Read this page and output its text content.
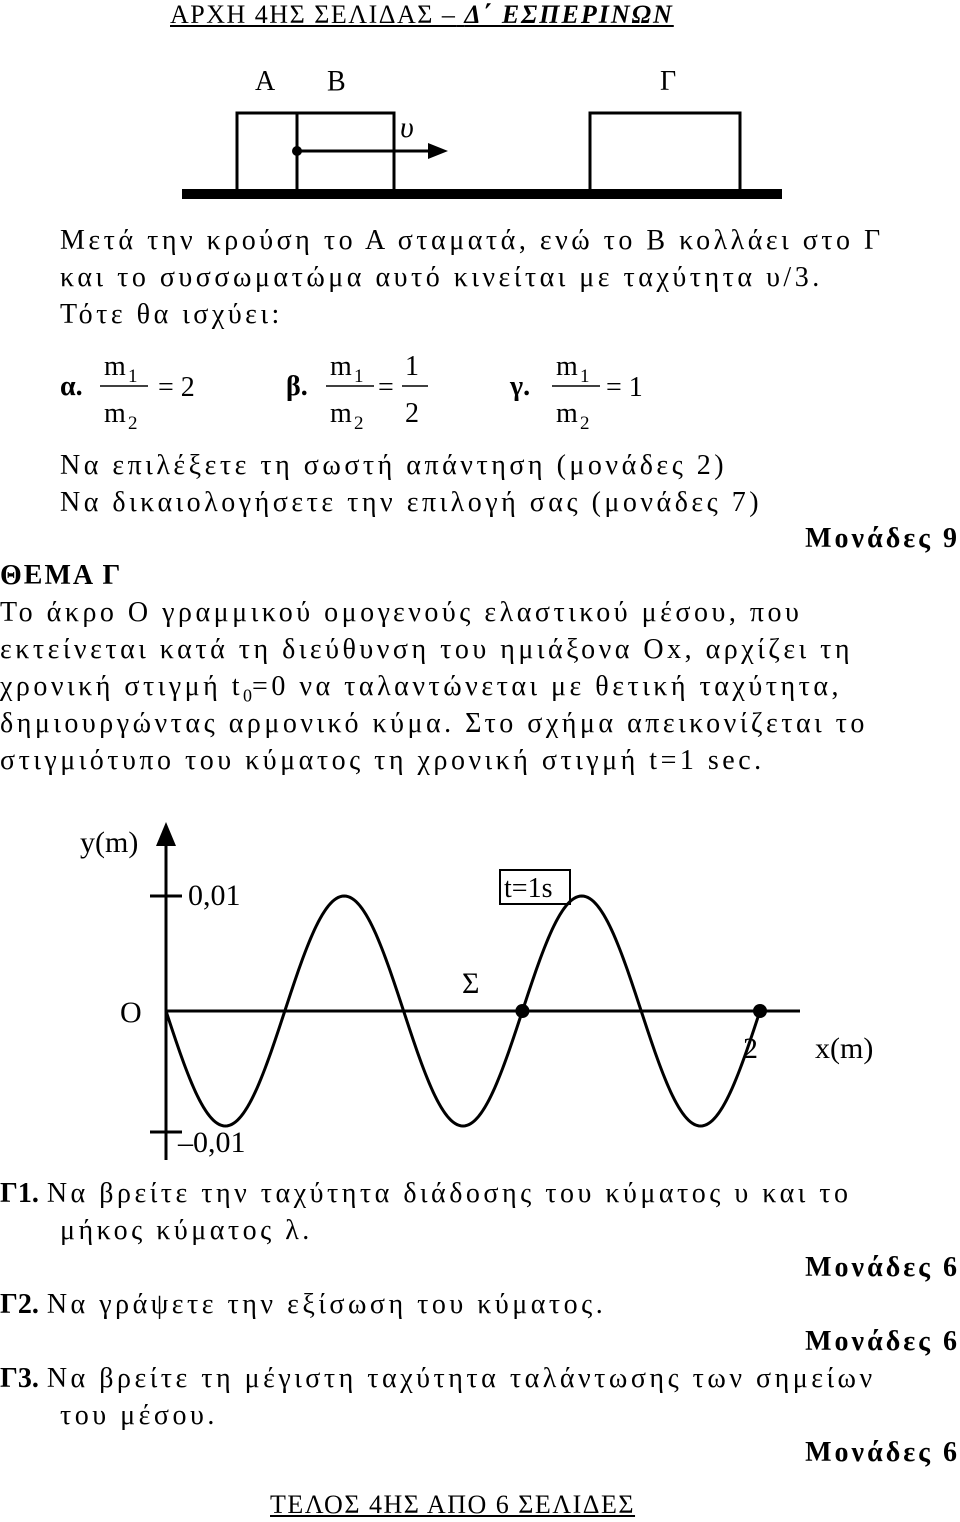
ΑΡΧΗ 4ΗΣ ΣΕΛΙΔΑΣ – Δ΄ ΕΣΠΕΡΙΝΩΝ
Α Β	Γ
υ
Μετά την κρούση το Α σταματά, ενώ το Β κολλάει στο Γ
και το συσσωματώμα αυτό κινείται με ταχύτητα υ/3.
Τότε θα ισχύει:
α.
m 1
m 2
= 2	β.
m 1
m 2
=
1
2
γ.
m 1
m 2
= 1
Να επιλέξετε τη σωστή απάντηση (μονάδες 2)
Να δικαιολογήσετε την επιλογή σας (μονάδες 7)
Μονάδες 9
ΘΕΜΑ Γ
Το άκρο Ο γραμμικού ομογενούς ελαστικού μέσου, που
εκτείνεται κατά τη διεύθυνση του ημιάξονα Οx, αρχίζει τη
χρονική στιγμή $t_0=0$ να ταλαντώνεται με θετική ταχύτητα,
δημιουργώντας αρμονικό κύμα. Στο σχήμα απεικονίζεται το
στιγμιότυπο του κύματος τη χρονική στιγμή t=1 sec.
y(m)
0,01
–0,01
Ο
Σ
2 x(m)
t=1s
Γ1. Να βρείτε την ταχύτητα διάδοσης του κύματος υ και το
μήκος κύματος λ.
Μονάδες 6
Γ2. Να γράψετε την εξίσωση του κύματος.
Μονάδες 6
Γ3. Να βρείτε τη μέγιστη ταχύτητα ταλάντωσης των σημείων
του μέσου.
Μονάδες 6
ΤΕΛΟΣ 4ΗΣ ΑΠΟ 6 ΣΕΛΙΔΕΣ
